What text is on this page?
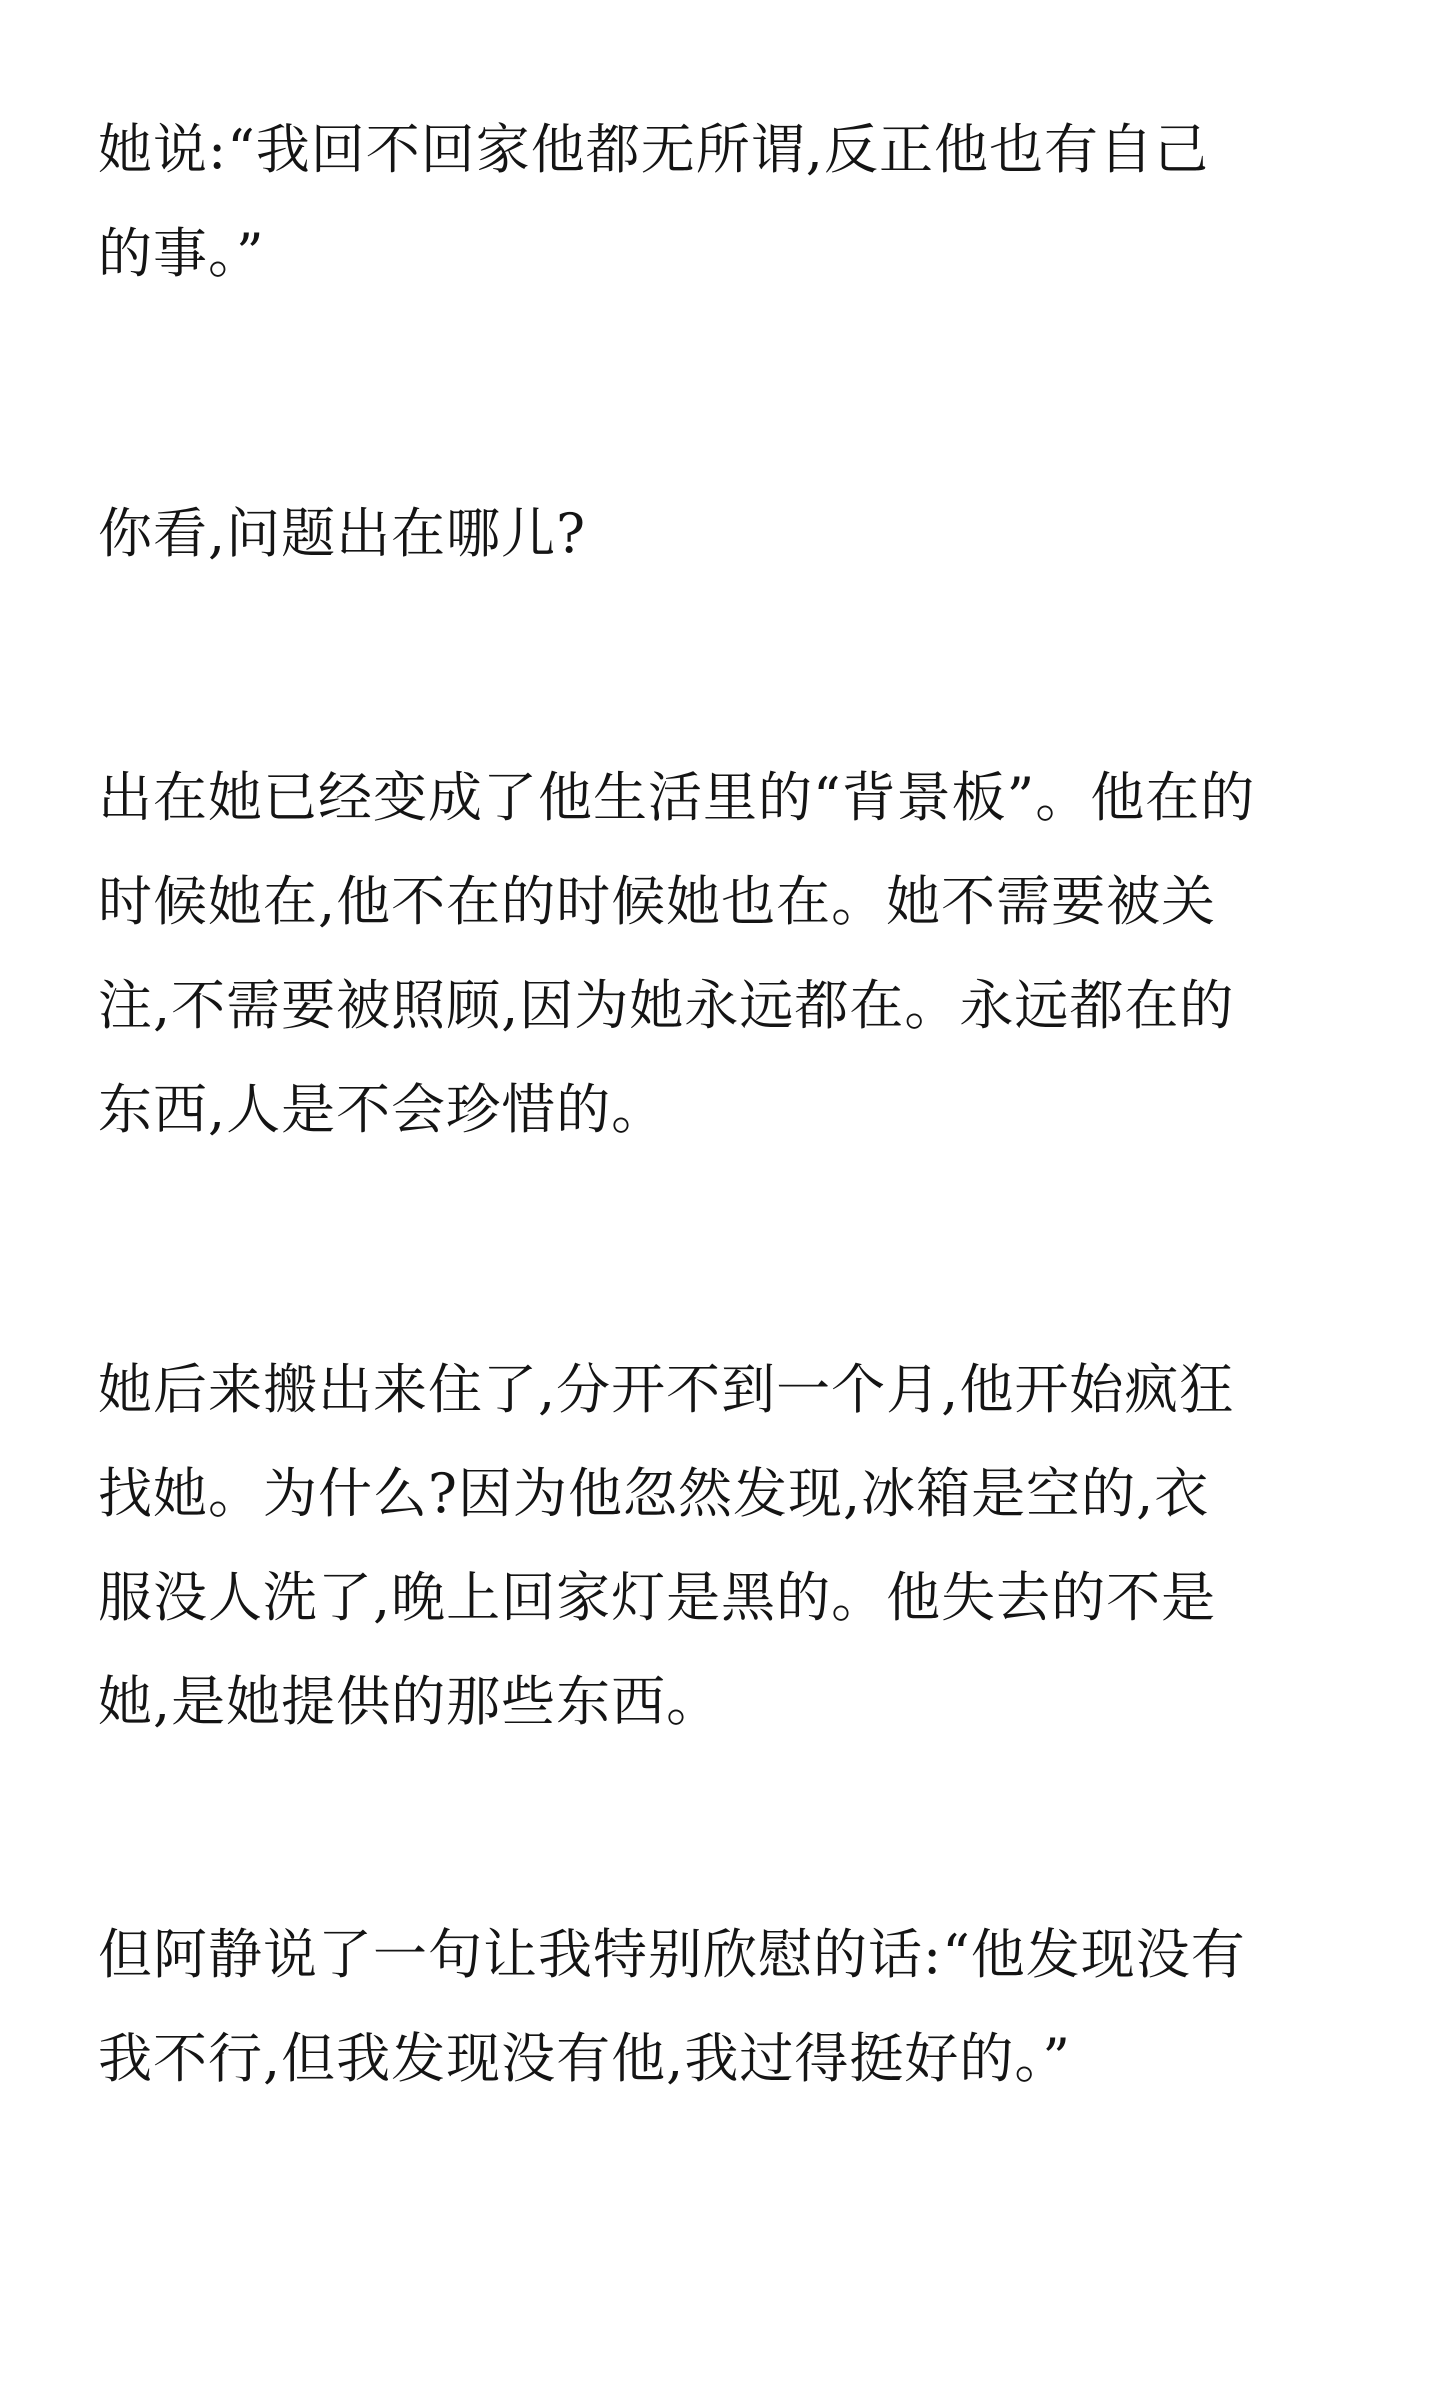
她说:“我回不回家他都无所谓,反正他也有自己
的事。”

你看,问题出在哪儿?

出在她已经变成了他生活里的“背景板”。他在的
时候她在,他不在的时候她也在。她不需要被关
注,不需要被照顾,因为她永远都在。永远都在的
东西,人是不会珍惜的。

她后来搬出来住了,分开不到一个月,他开始疯狂
找她。为什么?因为他忽然发现,冰箱是空的,衣
服没人洗了,晚上回家灯是黑的。他失去的不是
她,是她提供的那些东西。

但阿静说了一句让我特别欣慰的话:“他发现没有
我不行,但我发现没有他,我过得挺好的。”
